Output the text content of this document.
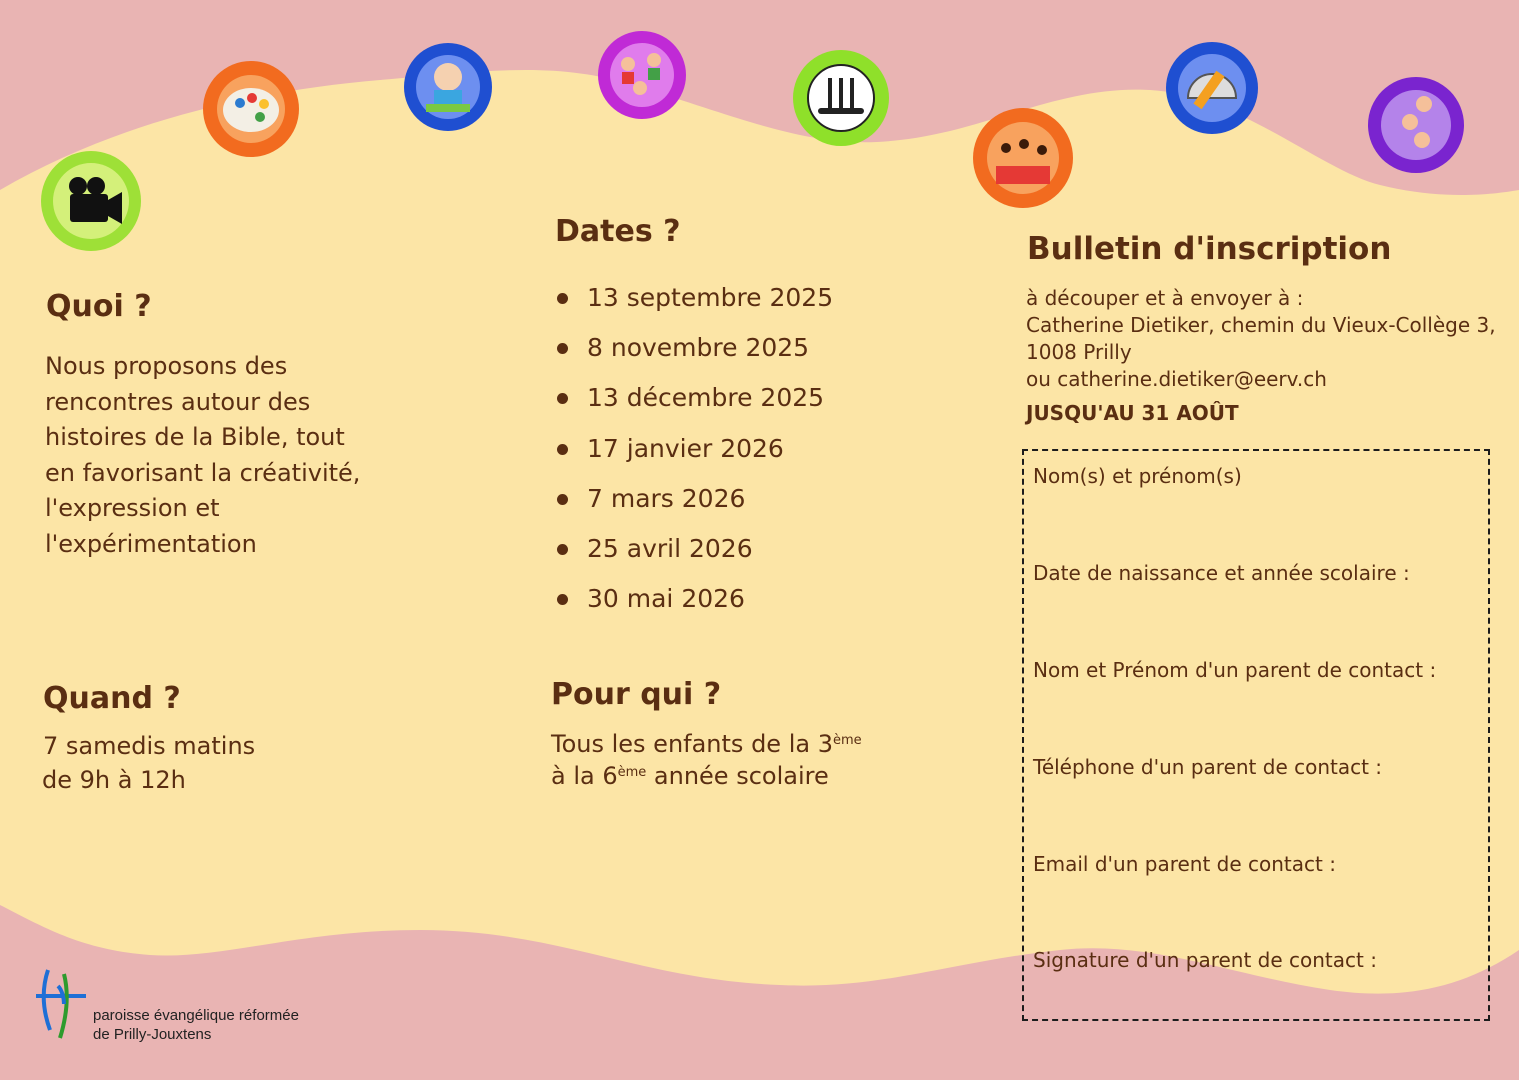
Quoi ?

Nous proposons des

rencontres autour des

histoires de la Bible, tout

en favorisant la créativité,

l'expression et

l'expérimentation

Quand ?

7 samedis matins

de 9h à 12h

Dates ?
13 septembre 2025
8 novembre 2025
13 décembre 2025
17 janvier 2026
7 mars 2026
25 avril 2026
30 mai 2026
Pour qui ?

Tous les enfants de la 3ème

à la 6ème année scolaire

Bulletin d'inscription

à découper et à envoyer à :

Catherine Dietiker, chemin du Vieux-Collège 3,

1008 Prilly

ou catherine.dietiker@eerv.ch

JUSQU'AU 31 AOÛT

Nom(s) et prénom(s)
Date de naissance et année scolaire :
Nom et Prénom d'un parent de contact :
Téléphone d'un parent de contact :
Email d'un parent de contact :
Signature d'un parent de contact :
paroisse évangélique réformée
de Prilly-Jouxtens
